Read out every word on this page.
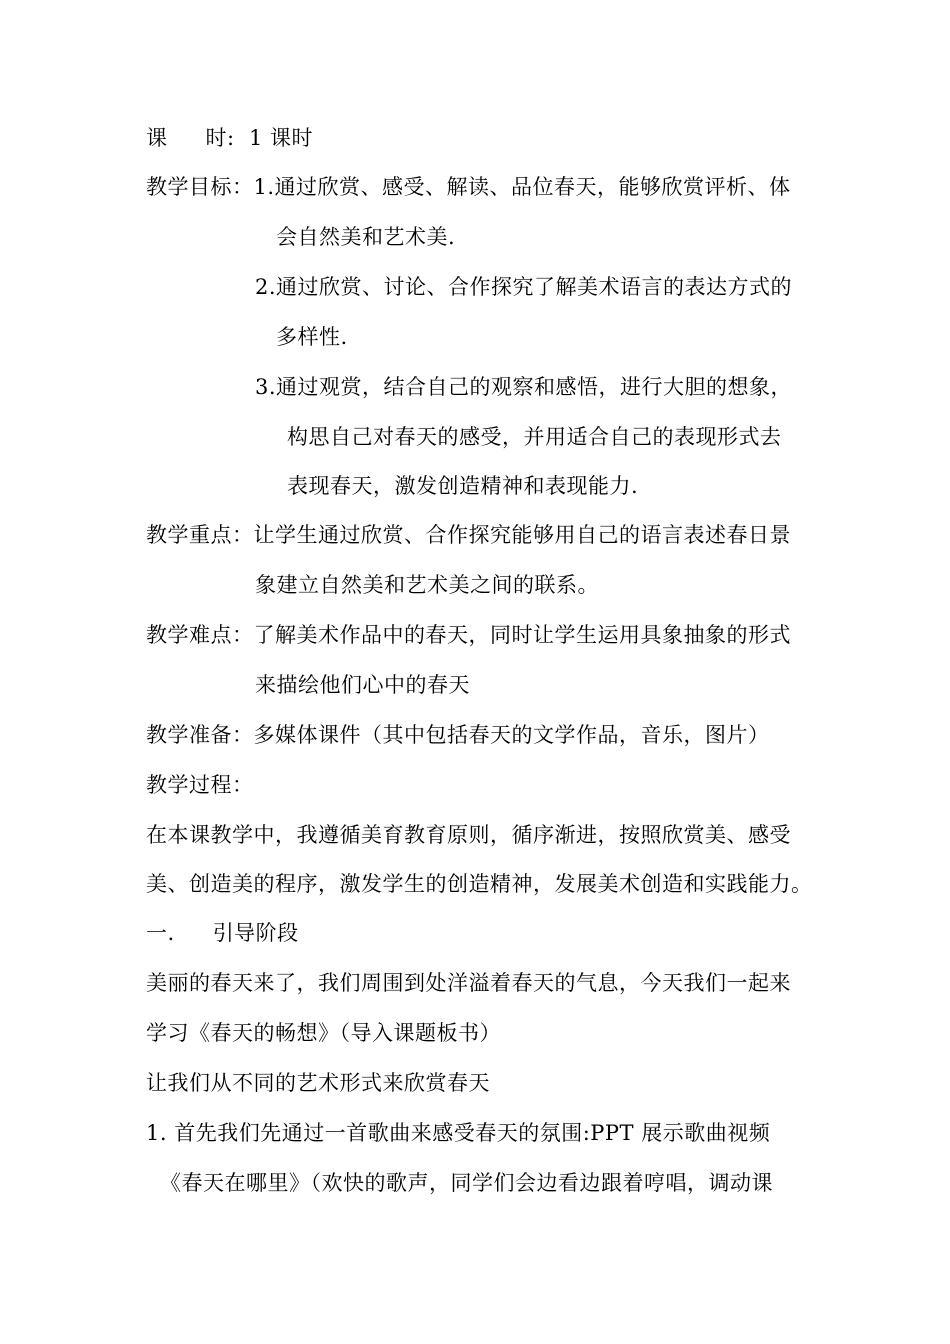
课 时: 1 课时
教学目标：1.通过欣赏、感受、解读、品位春天，能够欣赏评析、体
会自然美和艺术美.
2.通过欣赏、讨论、合作探究了解美术语言的表达方式的
多样性.
3.通过观赏，结合自己的观察和感悟，进行大胆的想象，
构思自己对春天的感受，并用适合自己的表现形式去
表现春天，激发创造精神和表现能力.
教学重点：让学生通过欣赏、合作探究能够用自己的语言表述春日景
象建立自然美和艺术美之间的联系。
教学难点：了解美术作品中的春天，同时让学生运用具象抽象的形式
来描绘他们心中的春天
教学准备：多媒体课件（其中包括春天的文学作品，音乐，图片）
教学过程：
在本课教学中，我遵循美育教育原则，循序渐进，按照欣赏美、感受
美、创造美的程序，激发学生的创造精神，发展美术创造和实践能力。
一. 引导阶段
美丽的春天来了，我们周围到处洋溢着春天的气息，今天我们一起来
学习《春天的畅想》（导入课题板书）
让我们从不同的艺术形式来欣赏春天
1. 首先我们先通过一首歌曲来感受春天的氛围:PPT 展示歌曲视频
《春天在哪里》（欢快的歌声，同学们会边看边跟着哼唱，调动课
